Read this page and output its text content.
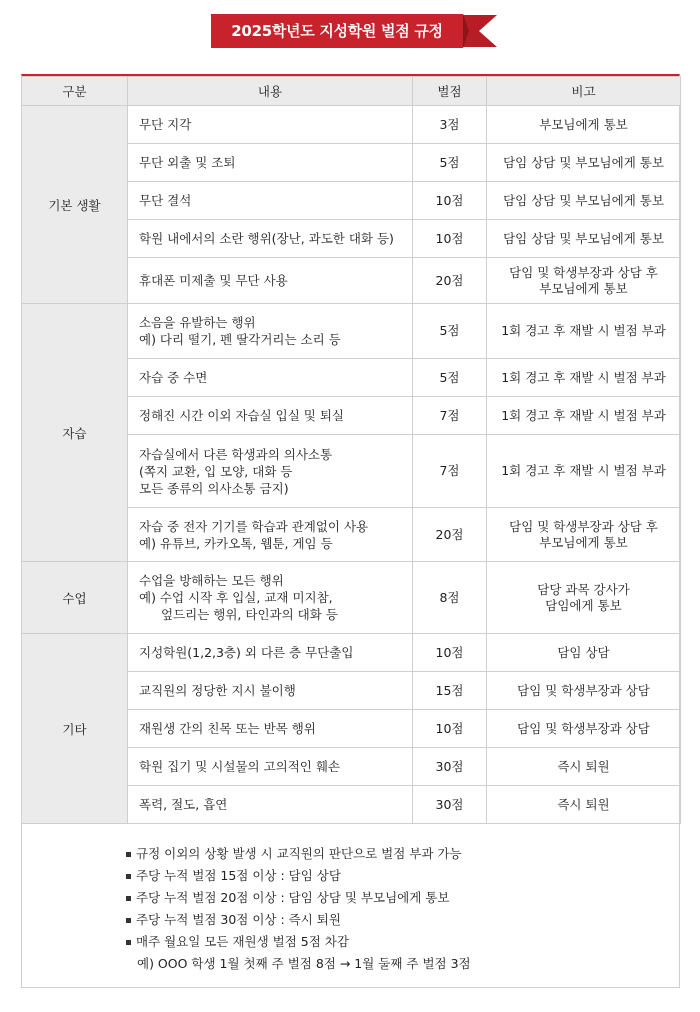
2025학년도 지성학원 벌점 규정
구분	내용	벌점	비고
기본 생활	무단 지각	3점	부모님에게 통보

	무단 외출 및 조퇴	5점	담임 상담 및 부모님에게 통보

	무단 결석	10점	담임 상담 및 부모님에게 통보

	학원 내에서의 소란 행위(장난, 과도한 대화 등)	10점	담임 상담 및 부모님에게 통보

	휴대폰 미제출 및 무단 사용	20점	담임 및 학생부장과 상담 후
부모님에게 통보

자습	소음을 유발하는 행위
예) 다리 떨기, 펜 딸각거리는 소리 등	5점	1회 경고 후 재발 시 벌점 부과

	자습 중 수면	5점	1회 경고 후 재발 시 벌점 부과

	정해진 시간 이외 자습실 입실 및 퇴실	7점	1회 경고 후 재발 시 벌점 부과

	자습실에서 다른 학생과의 의사소통
(쪽지 교환, 입 모양, 대화 등
모든 종류의 의사소통 금지)	7점	1회 경고 후 재발 시 벌점 부과

	자습 중 전자 기기를 학습과 관계없이 사용
예) 유튜브, 카카오톡, 웹툰, 게임 등	20점	담임 및 학생부장과 상담 후
부모님에게 통보

수업	수업을 방해하는 모든 행위
예) 수업 시작 후 입실, 교재 미지참,
엎드리는 행위, 타인과의 대화 등	8점	담당 과목 강사가
담임에게 통보

기타	지성학원(1,2,3층) 외 다른 층 무단출입	10점	담임 상담

	교직원의 정당한 지시 불이행	15점	담임 및 학생부장과 상담

	재원생 간의 친목 또는 반목 행위	10점	담임 및 학생부장과 상담

	학원 집기 및 시설물의 고의적인 훼손	30점	즉시 퇴원

	폭력, 절도, 흡연	30점	즉시 퇴원
규정 이외의 상황 발생 시 교직원의 판단으로 벌점 부과 가능
주당 누적 벌점 15점 이상 : 담임 상담
주당 누적 벌점 20점 이상 : 담임 상담 및 부모님에게 통보
주당 누적 벌점 30점 이상 : 즉시 퇴원
매주 월요일 모든 재원생 벌점 5점 차감
예) OOO 학생 1월 첫째 주 벌점 8점 → 1월 둘째 주 벌점 3점
